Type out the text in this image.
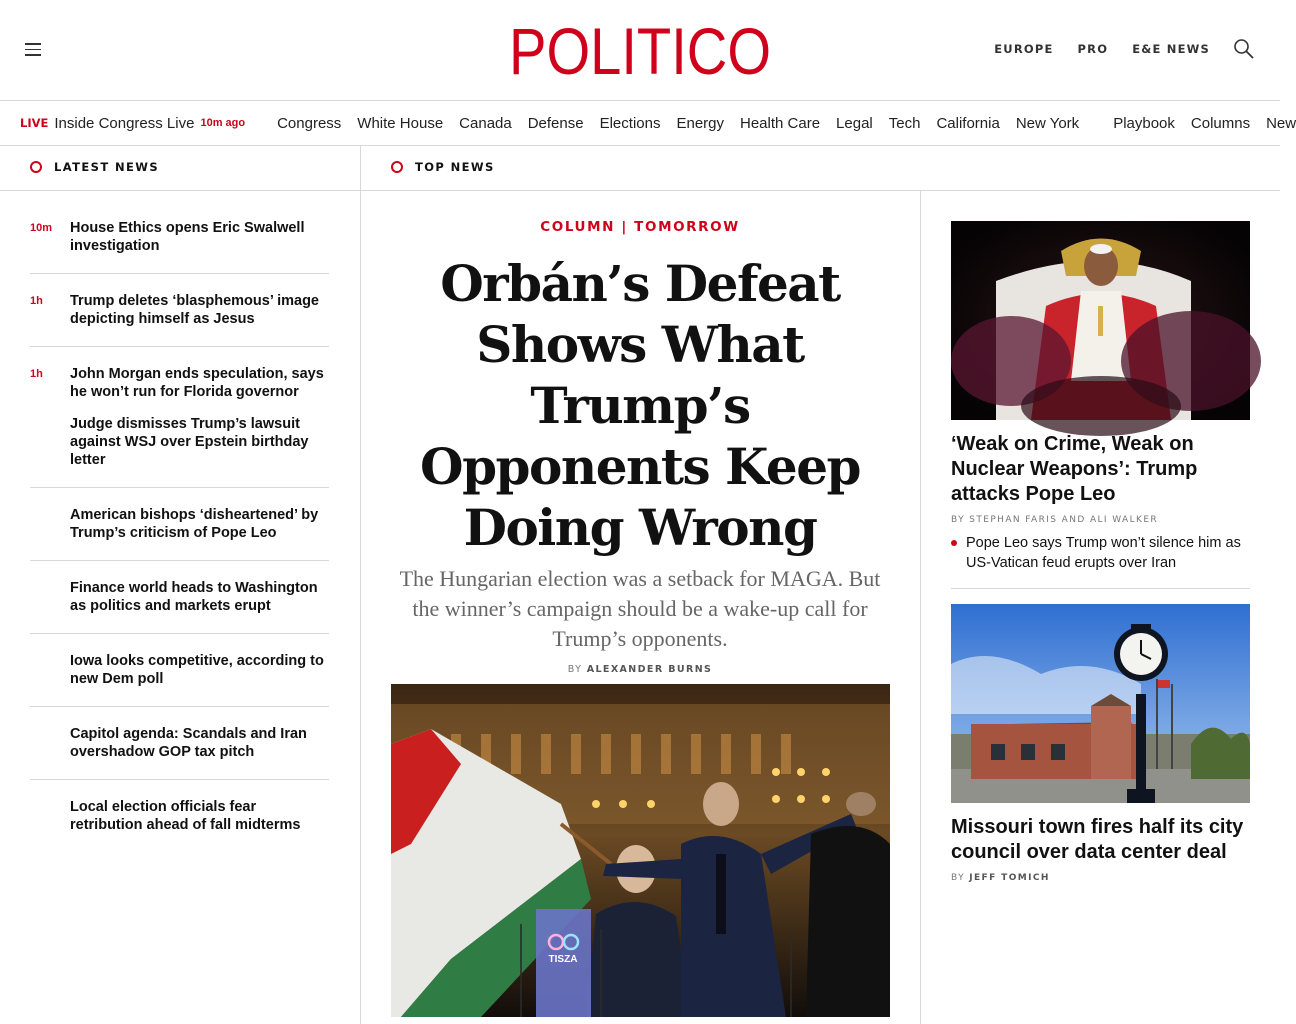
POLITICO	EUROPE PRO E&E NEWS
LIVE Inside Congress Live 10m ago Congress White House Canada Defense Elections Energy Health Care Legal Tech California New York Playbook Columns New
LATEST NEWS	TOP NEWS
10m	House Ethics opens Eric Swalwell investigation
1h	Trump deletes ‘blasphemous’ image depicting himself as Jesus
1h	John Morgan ends speculation, says he won’t run for Florida governor
Judge dismisses Trump’s lawsuit against WSJ over Epstein birthday letter
American bishops ‘disheartened’ by Trump’s criticism of Pope Leo
Finance world heads to Washington as politics and markets erupt
Iowa looks competitive, according to new Dem poll
Capitol agenda: Scandals and Iran overshadow GOP tax pitch
Local election officials fear retribution ahead of fall midterms
COLUMN | TOMORROW
Orbán’s Defeat Shows What Trump’s Opponents Keep Doing Wrong
The Hungarian election was a setback for MAGA. But the winner’s campaign should be a wake-up call for Trump’s opponents.
BY ALEXANDER BURNS
TISZA
‘Weak on Crime, Weak on Nuclear Weapons’: Trump attacks Pope Leo
BY STEPHAN FARIS AND ALI WALKER
Pope Leo says Trump won’t silence him as US-Vatican feud erupts over Iran
Missouri town fires half its city council over data center deal
BY JEFF TOMICH
